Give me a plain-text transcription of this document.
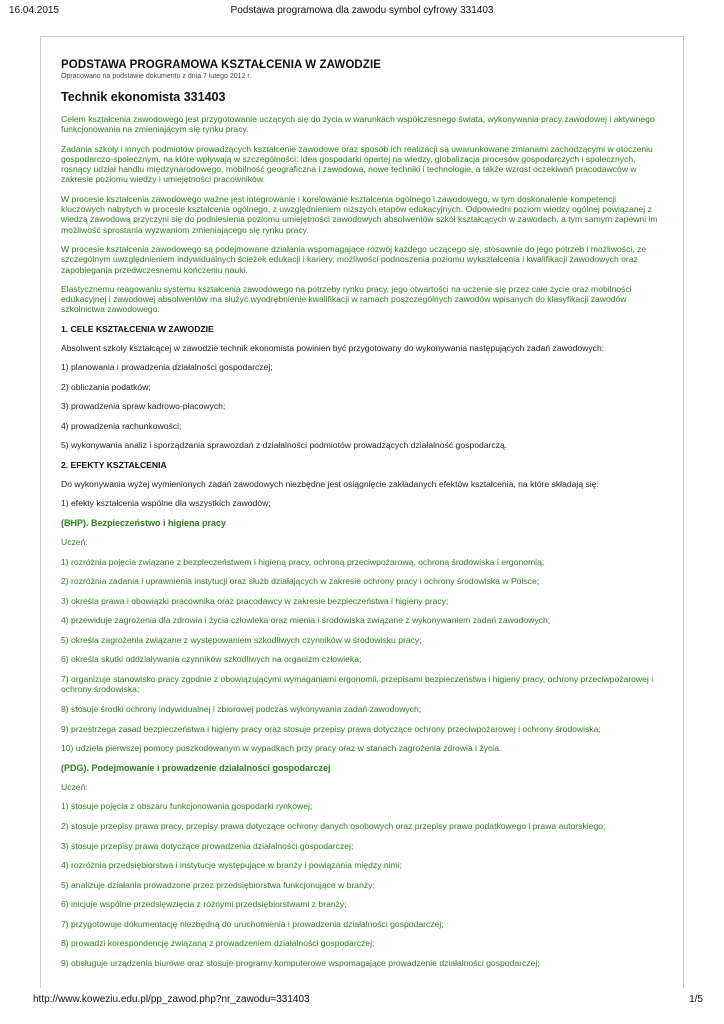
16.04.2015	Podstawa programowa dla zawodu symbol cyfrowy 331403
PODSTAWA PROGRAMOWA KSZTAŁCENIA W ZAWODZIE
Opracowano na podstawie dokumentu z dnia 7 lutego 2012 r.
Technik ekonomista 331403

Celem kształcenia zawodowego jest przygotowanie uczących się do życia w warunkach współczesnego świata, wykonywania pracy zawodowej i aktywnego funkcjonowania na zmieniającym się rynku pracy.

Zadania szkoły i innych podmiotów prowadzących kształcenie zawodowe oraz sposób ich realizacji są uwarunkowane zmianami zachodzącymi w otoczeniu gospodarczo-społecznym, na które wpływają w szczególności: idea gospodarki opartej na wiedzy, globalizacja procesów gospodarczych i społecznych, rosnący udział handlu międzynarodowego, mobilność geograficzna i zawodowa, nowe techniki i technologie, a także wzrost oczekiwań pracodawców w zakresie poziomu wiedzy i umiejętności pracowników.

W procesie kształcenia zawodowego ważne jest integrowanie i korelowanie kształcenia ogólnego i zawodowego, w tym doskonalenie kompetencji kluczowych nabytych w procesie kształcenia ogólnego, z uwzględnieniem niższych etapów edukacyjnych. Odpowiedni poziom wiedzy ogólnej powiązanej z wiedzą zawodową przyczyni się do podniesienia poziomu umiejętności zawodowych absolwentów szkół kształcących w zawodach, a tym samym zapewni im możliwość sprostania wyzwaniom zmieniającego się rynku pracy.

W procesie kształcenia zawodowego są podejmowane działania wspomagające rozwój każdego uczącego się, stosownie do jego potrzeb i możliwości, ze szczególnym uwzględnieniem indywidualnych ścieżek edukacji i kariery, możliwości podnoszenia poziomu wykształcenia i kwalifikacji zawodowych oraz zapobiegania przedwczesnemu kończeniu nauki.

Elastycznemu reagowaniu systemu kształcenia zawodowego na potrzeby rynku pracy, jego otwartości na uczenie się przez całe życie oraz mobilności edukacyjnej i zawodowej absolwentów ma służyć wyodrębnienie kwalifikacji w ramach poszczególnych zawodów wpisanych do klasyfikacji zawodów szkolnictwa zawodowego.

1. CELE KSZTAŁCENIA W ZAWODZIE

Absolwent szkoły kształcącej w zawodzie technik ekonomista powinien być przygotowany do wykonywania następujących zadań zawodowych:

1) planowania i prowadzenia działalności gospodarczej;
2) obliczania podatków;
3) prowadzenia spraw kadrowo-płacowych;
4) prowadzenia rachunkowości;
5) wykonywania analiz i sporządzania sprawozdań z działalności podmiotów prowadzących działalność gospodarczą.
2. EFEKTY KSZTAŁCENIA

Do wykonywania wyżej wymienionych zadań zawodowych niezbędne jest osiągnięcie zakładanych efektów kształcenia, na które składają się:

1) efekty kształcenia wspólne dla wszystkich zawodów;
(BHP). Bezpieczeństwo i higiena pracy
Uczeń:
1) rozróżnia pojęcia związane z bezpieczeństwem i higieną pracy, ochroną przeciwpożarową, ochroną środowiska i ergonomią;
2) rozróżnia zadania i uprawnienia instytucji oraz służb działających w zakresie ochrony pracy i ochrony środowiska w Polsce;
3) określa prawa i obowiązki pracownika oraz pracodawcy w zakresie bezpieczeństwa i higieny pracy;
4) przewiduje zagrożenia dla zdrowia i życia człowieka oraz mienia i środowiska związane z wykonywaniem zadań zawodowych;
5) określa zagrożenia związane z występowaniem szkodliwych czynników w środowisku pracy;
6) określa skutki oddziaływania czynników szkodliwych na organizm człowieka;
7) organizuje stanowisko pracy zgodnie z obowiązującymi wymaganiami ergonomii, przepisami bezpieczeństwa i higieny pracy, ochrony przeciwpożarowej i ochrony środowiska;
8) stosuje środki ochrony indywidualnej i zbiorowej podczas wykonywania zadań zawodowych;
9) przestrzega zasad bezpieczeństwa i higieny pracy oraz stosuje przepisy prawa dotyczące ochrony przeciwpożarowej i ochrony środowiska;
10) udziela pierwszej pomocy poszkodowanym w wypadkach przy pracy oraz w stanach zagrożenia zdrowia i życia.
(PDG). Podejmowanie i prowadzenie działalności gospodarczej
Uczeń:
1) stosuje pojęcia z obszaru funkcjonowania gospodarki rynkowej;
2) stosuje przepisy prawa pracy, przepisy prawa dotyczące ochrony danych osobowych oraz przepisy prawa podatkowego i prawa autorskiego;
3) stosuje przepisy prawa dotyczące prowadzenia działalności gospodarczej;
4) rozróżnia przedsiębiorstwa i instytucje występujące w branży i powiązania między nimi;
5) analizuje działania prowadzone przez przedsiębiorstwa funkcjonujące w branży;
6) inicjuje wspólne przedsięwzięcia z różnymi przedsiębiorstwami z branży;
7) przygotowuje dokumentację niezbędną do uruchomienia i prowadzenia działalności gospodarczej;
8) prowadzi korespondencję związaną z prowadzeniem działalności gospodarczej;
9) obsługuje urządzenia biurowe oraz stosuje programy komputerowe wspomagające prowadzenie działalności gospodarczej;
http://www.koweziu.edu.pl/pp_zawod.php?nr_zawodu=331403	1/5
